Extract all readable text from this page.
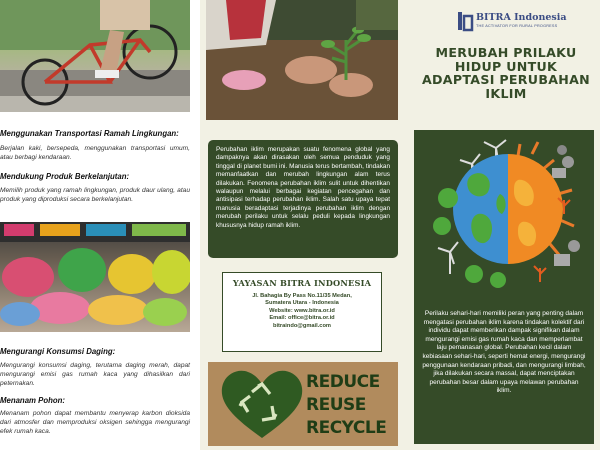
Menggunakan Transportasi Ramah Lingkungan:
Berjalan kaki, bersepeda, menggunakan transportasi umum, atau berbagi kendaraan.
Mendukung Produk Berkelanjutan:
Memilih produk yang ramah lingkungan, produk daur ulang, atau produk yang diproduksi secara berkelanjutan.
Mengurangi Konsumsi Daging:
Mengurangi konsumsi daging, terutama daging merah, dapat mengurangi emisi gas rumah kaca yang dihasilkan dari peternakan.
Menanam Pohon:
Menanam pohon dapat membantu menyerap karbon dioksida dari atmosfer dan memproduksi oksigen sehingga mengurangi efek rumah kaca.
Perubahan iklim merupakan suatu fenomena global yang dampaknya akan dirasakan oleh semua penduduk yang tinggal di planet bumi ini. Manusia terus bertambah, tindakan memanfaatkan dan merubah lingkungan alam terus dilakukan. Fenomena perubahan iklim sulit untuk dihentikan walaupun melalui berbagai kegiatan pencegahan dan antisipasi terhadap perubahan iklim. Salah satu upaya tepat manusia beradaptasi terjadinya perubahan iklim dengan merubah perilaku untuk selalu peduli kepada lingkungan khususnya hidup ramah iklim.
YAYASAN BITRA INDONESIA
Jl. Bahagia By Pass No.11/35 Medan,
Sumatera Utara - Indonesia
Website: www.bitra.or.id
Email: office@bitra.or.id
bitraindo@gmail.com
REDUCE
REUSE
RECYCLE
BITRA Indonesia
THE ACTIVATOR FOR RURAL PROGRESS
MERUBAH PRILAKU HIDUP UNTUK ADAPTASI PERUBAHAN IKLIM
Perilaku sehari-hari memiliki peran yang penting dalam mengatasi perubahan iklim karena tindakan kolektif dari individu dapat memberikan dampak signifikan dalam mengurangi emisi gas rumah kaca dan memperlambat laju pemanasan global. Perubahan kecil dalam kebiasaan sehari-hari, seperti hemat energi, mengurangi penggunaan kendaraan pribadi, dan mengurangi limbah, jika dilakukan secara massal, dapat menciptakan perubahan besar dalam upaya melawan perubahan iklim.
